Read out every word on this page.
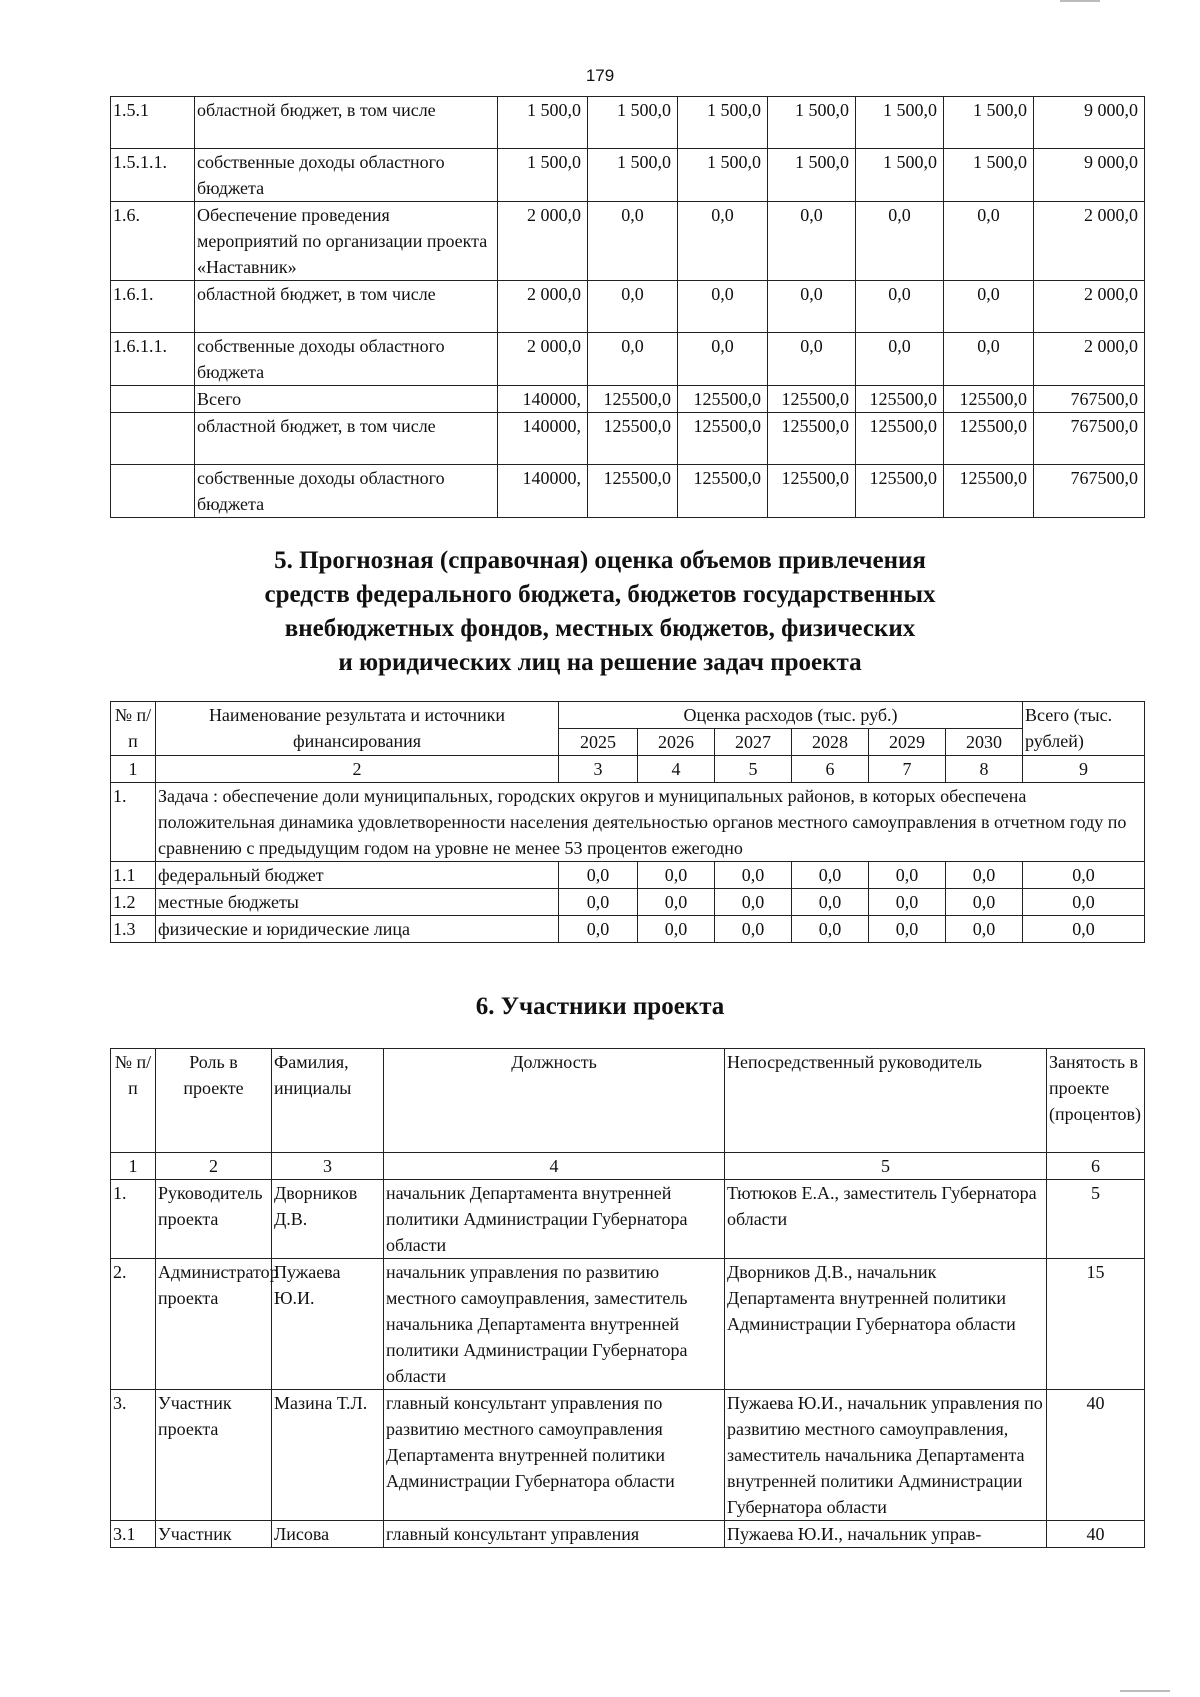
179
1.5.1	областной бюджет, в том числе	1 500,0	1 500,0	1 500,0	1 500,0	1 500,0	1 500,0	9 000,0
1.5.1.1.	собственные доходы областного бюджета	1 500,0	1 500,0	1 500,0	1 500,0	1 500,0	1 500,0	9 000,0
1.6.	Обеспечение проведения мероприятий по организации проекта «Наставник»	2 000,0	0,0	0,0	0,0	0,0	0,0	2 000,0
1.6.1.	областной бюджет, в том числе	2 000,0	0,0	0,0	0,0	0,0	0,0	2 000,0
1.6.1.1.	собственные доходы областного бюджета	2 000,0	0,0	0,0	0,0	0,0	0,0	2 000,0
	Всего	140000,	125500,0	125500,0	125500,0	125500,0	125500,0	767500,0
	областной бюджет, в том числе	140000,	125500,0	125500,0	125500,0	125500,0	125500,0	767500,0
	собственные доходы областного бюджета	140000,	125500,0	125500,0	125500,0	125500,0	125500,0	767500,0
5. Прогнозная (справочная) оценка объемов привлечения
средств федерального бюджета, бюджетов государственных
внебюджетных фондов, местных бюджетов, физических
и юридических лиц на решение задач проекта
№ п/п	Наименование результата и источники финансирования	Оценка расходов (тыс. руб.)						Всего (тыс. рублей)
		2025	2026	2027	2028	2029	2030	
1	2	3	4	5	6	7	8	9
1.	Задача : обеспечение доли муниципальных, городских округов и муниципальных районов, в которых обеспечена положительная динамика удовлетворенности населения деятельностью органов местного самоуправления в отчетном году по сравнению с предыдущим годом на уровне не менее 53 процентов ежегодно							
1.1	федеральный бюджет	0,0	0,0	0,0	0,0	0,0	0,0	0,0
1.2	местные бюджеты	0,0	0,0	0,0	0,0	0,0	0,0	0,0
1.3	физические и юридические лица	0,0	0,0	0,0	0,0	0,0	0,0	0,0
6. Участники проекта
№ п/п	Роль в проекте	Фамилия, инициалы	Должность	Непосредственный руководитель	Занятость в проекте (процентов)
1	2	3	4	5	6
1.	Руководитель проекта	Дворников Д.В.	начальник Департамента внутренней политики Администрации Губернатора области	Тютюков Е.А., заместитель Губернатора области	5
2.	Администратор проекта	Пужаева Ю.И.	начальник управления по развитию местного самоуправления, заместитель начальника Департамента внутренней политики Администрации Губернатора области	Дворников Д.В., начальник Департамента внутренней политики Администрации Губернатора области	15
3.	Участник проекта	Мазина Т.Л.	главный консультант управления по развитию местного самоуправления Департамента внутренней политики Администрации Губернатора области	Пужаева Ю.И., начальник управления по развитию местного самоуправления, заместитель начальника Департамента внутренней политики Администрации Губернатора области	40
3.1	Участник	Лисова	главный консультант управления	Пужаева Ю.И., начальник управ-	40
